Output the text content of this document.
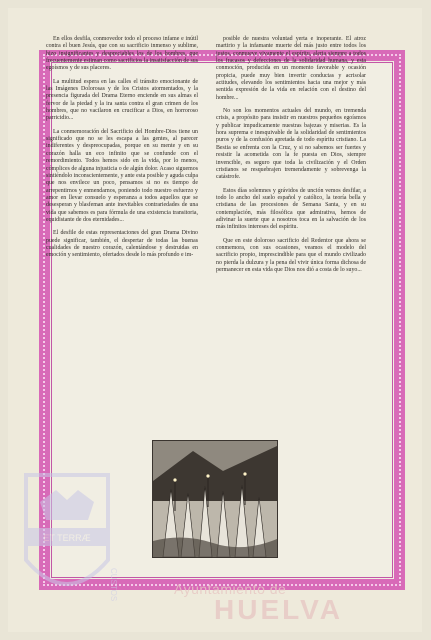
ET TERRÆ
CUSTOS

En ellos desfila, conmovedor todo el proceso infame e inútil contra el buen Jesús, que con su sacrificio inmenso y sublime, hizo insignificantes y despreciables los de los hombres, que frecuentemente estiman como sacrificios la insatisfacción de sus egoísmos y de sus placeres.

La multitud espera en las calles el tránsito emocionante de las Imágenes Dolorosas y de los Cristos atormentados, y la presencia figurada del Drama Eterno enciende en sus almas el fervor de la piedad y la ira santa contra el gran crimen de los hombres, que no vacilaron en crucificar a Dios, en horroroso parricidio...

La conmemoración del Sacrificio del Hombre-Dios tiene un significado que no se les escapa a las gentes, al parecer indiferentes y despreocupadas, porque en su mente y en su corazón halla un eco infinito que se confunde con el remordimiento. Todos hemos sido en la vida, por lo menos, cómplices de alguna injusticia o de algún dolor. Acaso siguemos sintiéndolo inconscientemente, y ante esta posible y aguda culpa que nos envilece un poco, pensamos si no es tiempo de arrepentirnos y enmendarnos, poniendo todo nuestro esfuerzo y amor en llevar consuelo y esperanza a todos aquellos que se desesperan y blasfeman ante inevitables contrariedades de una vida que sabemos es para fórmula de una existencia transitoria, equidistante de dos eternidades...

El desfile de estas representaciones del gran Drama Divino puede significar, también, el despertar de todas las buenas cualidades de nuestro corazón, calentándose y destruidas en emoción y sentimiento, ofertados desde lo más profundo e im-

posible de nuestra voluntad yerta e inoperante. El atroz martirio y la infamante muerte del más justo entre todos los justos, conmueve vivamente el espíritu, alerta siempre a todos los fracasos y defecciones de la solidaridad humana, y esta conmoción, producida en un momento favorable y ocasión propicia, puede muy bien invertir conductas y acrisolar actitudes, elevando los sentimientos hacia una mejor y más sentida expresión de la vida en relación con el destino del hombre...

No son los momentos actuales del mundo, en tremenda crisis, a propósito para insistir en nuestros pequeños egoísmos y publicar impudicamente nuestras bajezas y miserias. Es la hora suprema e inesquivable de la solidaridad de sentimientos puros y de la confusión apretada de todo espíritu cristiano. La Bestia se enfrenta con la Cruz, y si no sabemos ser fuertes y resistir la acometida con la fe puesta en Dios, siempre invencible, es seguro que toda la civilización y el Orden cristianos se resquebrajen tremendamente y sobrevenga la catástrofe.

Estos días solemnes y grávidos de unción vemos desfilar, a todo lo ancho del suelo español y católico, la teoría bella y cristiana de las procesiones de Semana Santa, y en su contemplación, más filosófica que admirativa, hemos de adivinar la suerte que a nosotros toca en la salvación de los más infinitos intereses del espíritu.

Que en este doloroso sacrificio del Redentor que ahora se conmemora, con sus ocasiones, veamos el modelo del sacrificio propio, imprescindible para que el mundo civilizado no pierda la dulzura y la pena del vivir única forma dichosa de permanecer en esta vida que Dios nos dió a costa de lo suyo...

Ayuntamiento de
HUELVA
